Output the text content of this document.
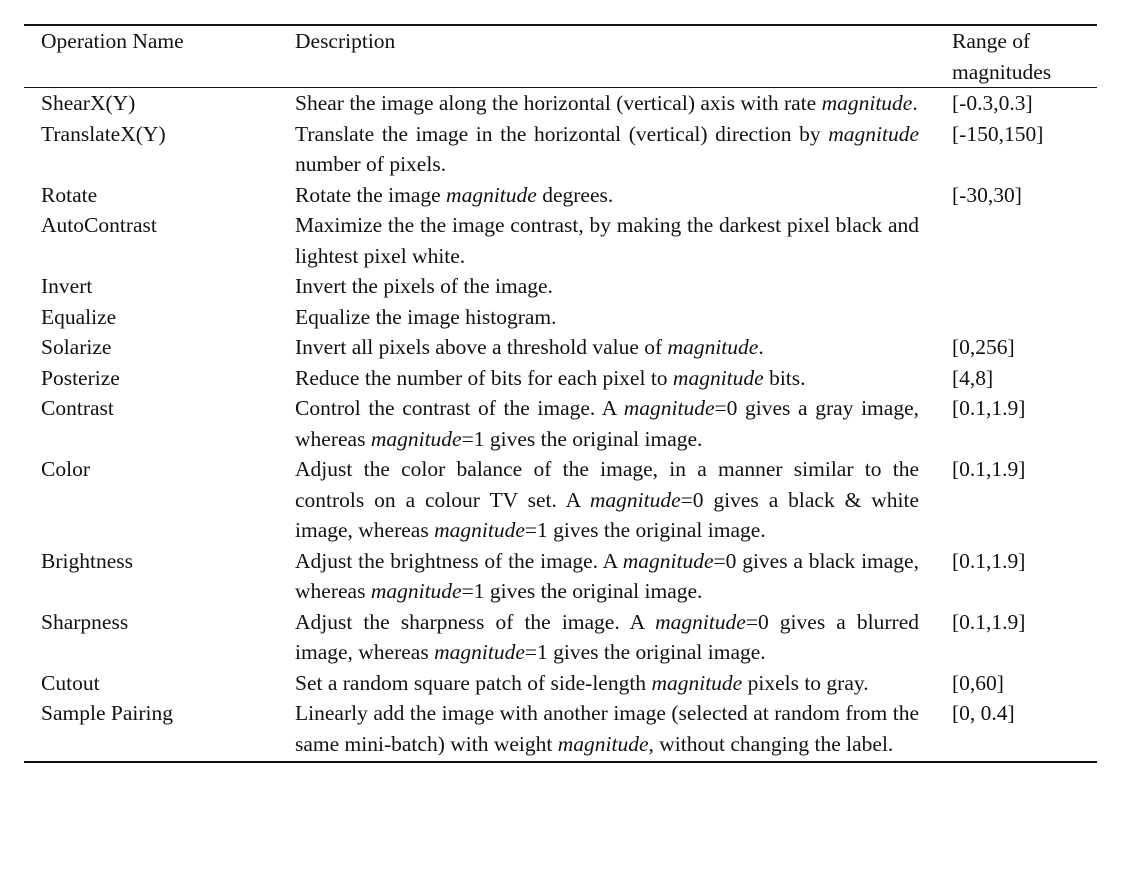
Operation Name	Description	Range of
magnitudes
ShearX(Y)	Shear the image along the horizontal (vertical) axis with rate magnitude.	[-0.3,0.3]
TranslateX(Y)	Translate the image in the horizontal (vertical) direction by magnitude number of pixels.	[-150,150]
Rotate	Rotate the image magnitude degrees.	[-30,30]
AutoContrast	Maximize the the image contrast, by making the darkest pixel black and lightest pixel white.	
Invert	Invert the pixels of the image.	
Equalize	Equalize the image histogram.	
Solarize	Invert all pixels above a threshold value of magnitude.	[0,256]
Posterize	Reduce the number of bits for each pixel to magnitude bits.	[4,8]
Contrast	Control the contrast of the image. A magnitude=0 gives a gray image, whereas magnitude=1 gives the original image.	[0.1,1.9]
Color	Adjust the color balance of the image, in a manner similar to the controls on a colour TV set. A magnitude=0 gives a black & white image, whereas magnitude=1 gives the original image.	[0.1,1.9]
Brightness	Adjust the brightness of the image. A magnitude=0 gives a black image, whereas magnitude=1 gives the original image.	[0.1,1.9]
Sharpness	Adjust the sharpness of the image. A magnitude=0 gives a blurred image, whereas magnitude=1 gives the original image.	[0.1,1.9]
Cutout	Set a random square patch of side-length magnitude pixels to gray.	[0,60]
Sample Pairing	Linearly add the image with another image (selected at random from the same mini-batch) with weight magnitude, without changing the label.	[0, 0.4]
